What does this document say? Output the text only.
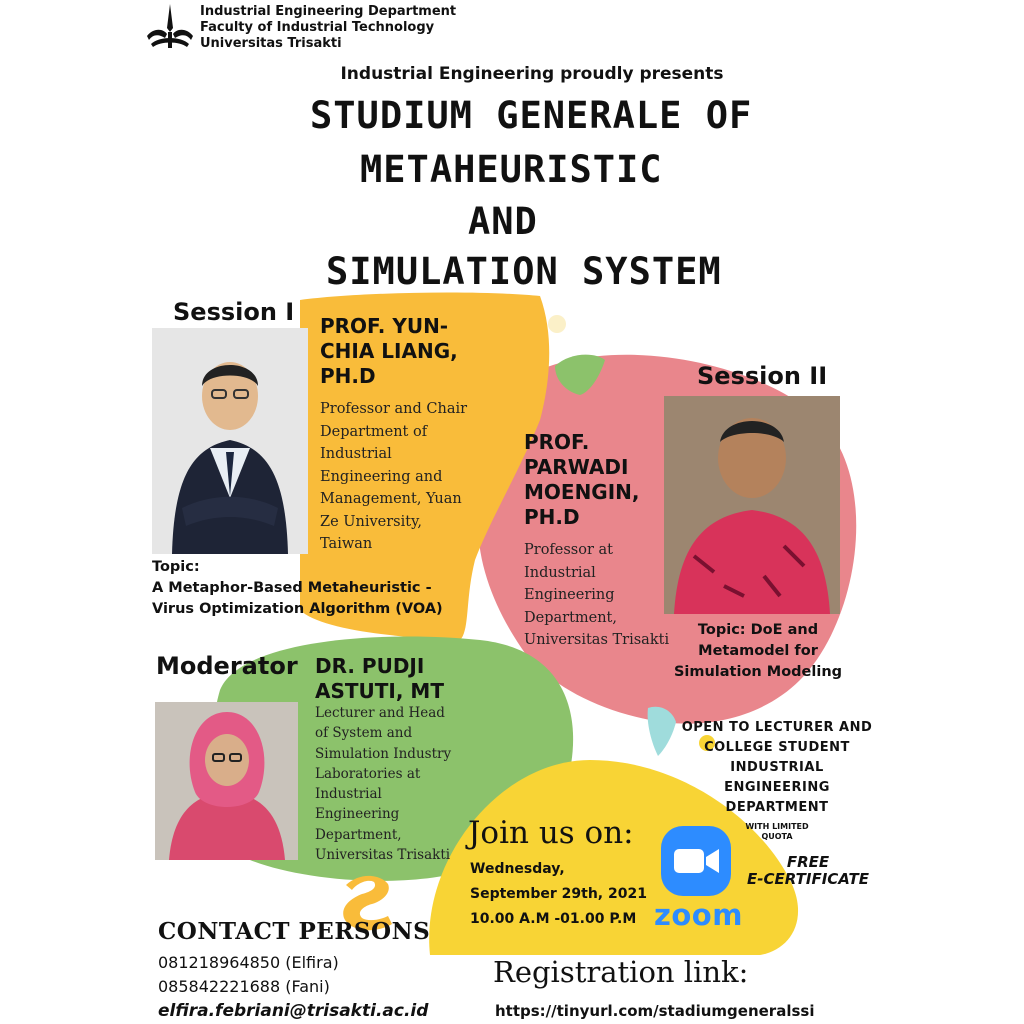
Industrial Engineering Department
Faculty of Industrial Technology
Universitas Trisakti
Industrial Engineering proudly presents
STUDIUM GENERALE OF
METAHEURISTIC
AND
SIMULATION SYSTEM
Session I PROF. YUN-
CHIA LIANG,
PH.D
Professor and Chair
Department of
Industrial
Engineering and
Management, Yuan
Ze University,
Taiwan
Topic:
A Metaphor-Based Metaheuristic -
Virus Optimization Algorithm (VOA)
Session II
PROF.
PARWADI
MOENGIN,
PH.D
Professor at
Industrial
Engineering
Department,
Universitas Trisakti
Topic: DoE and
Metamodel for
Simulation Modeling
Moderator DR. PUDJI
ASTUTI, MT
Lecturer and Head
of System and
Simulation Industry
Laboratories at
Industrial
Engineering
Department,
Universitas Trisakti
CONTACT PERSONS
081218964850 (Elfira)
085842221688 (Fani)
elfira.febriani@trisakti.ac.id
Join us on:
Wednesday,
September 29th, 2021
10.00 A.M -01.00 P.M zoom
OPEN TO LECTURER AND
COLLEGE STUDENT
INDUSTRIAL
ENGINEERING
DEPARTMENT
WITH LIMITED
QUOTA
FREE
E-CERTIFICATE
Registration link:
https://tinyurl.com/stadiumgeneralssi
